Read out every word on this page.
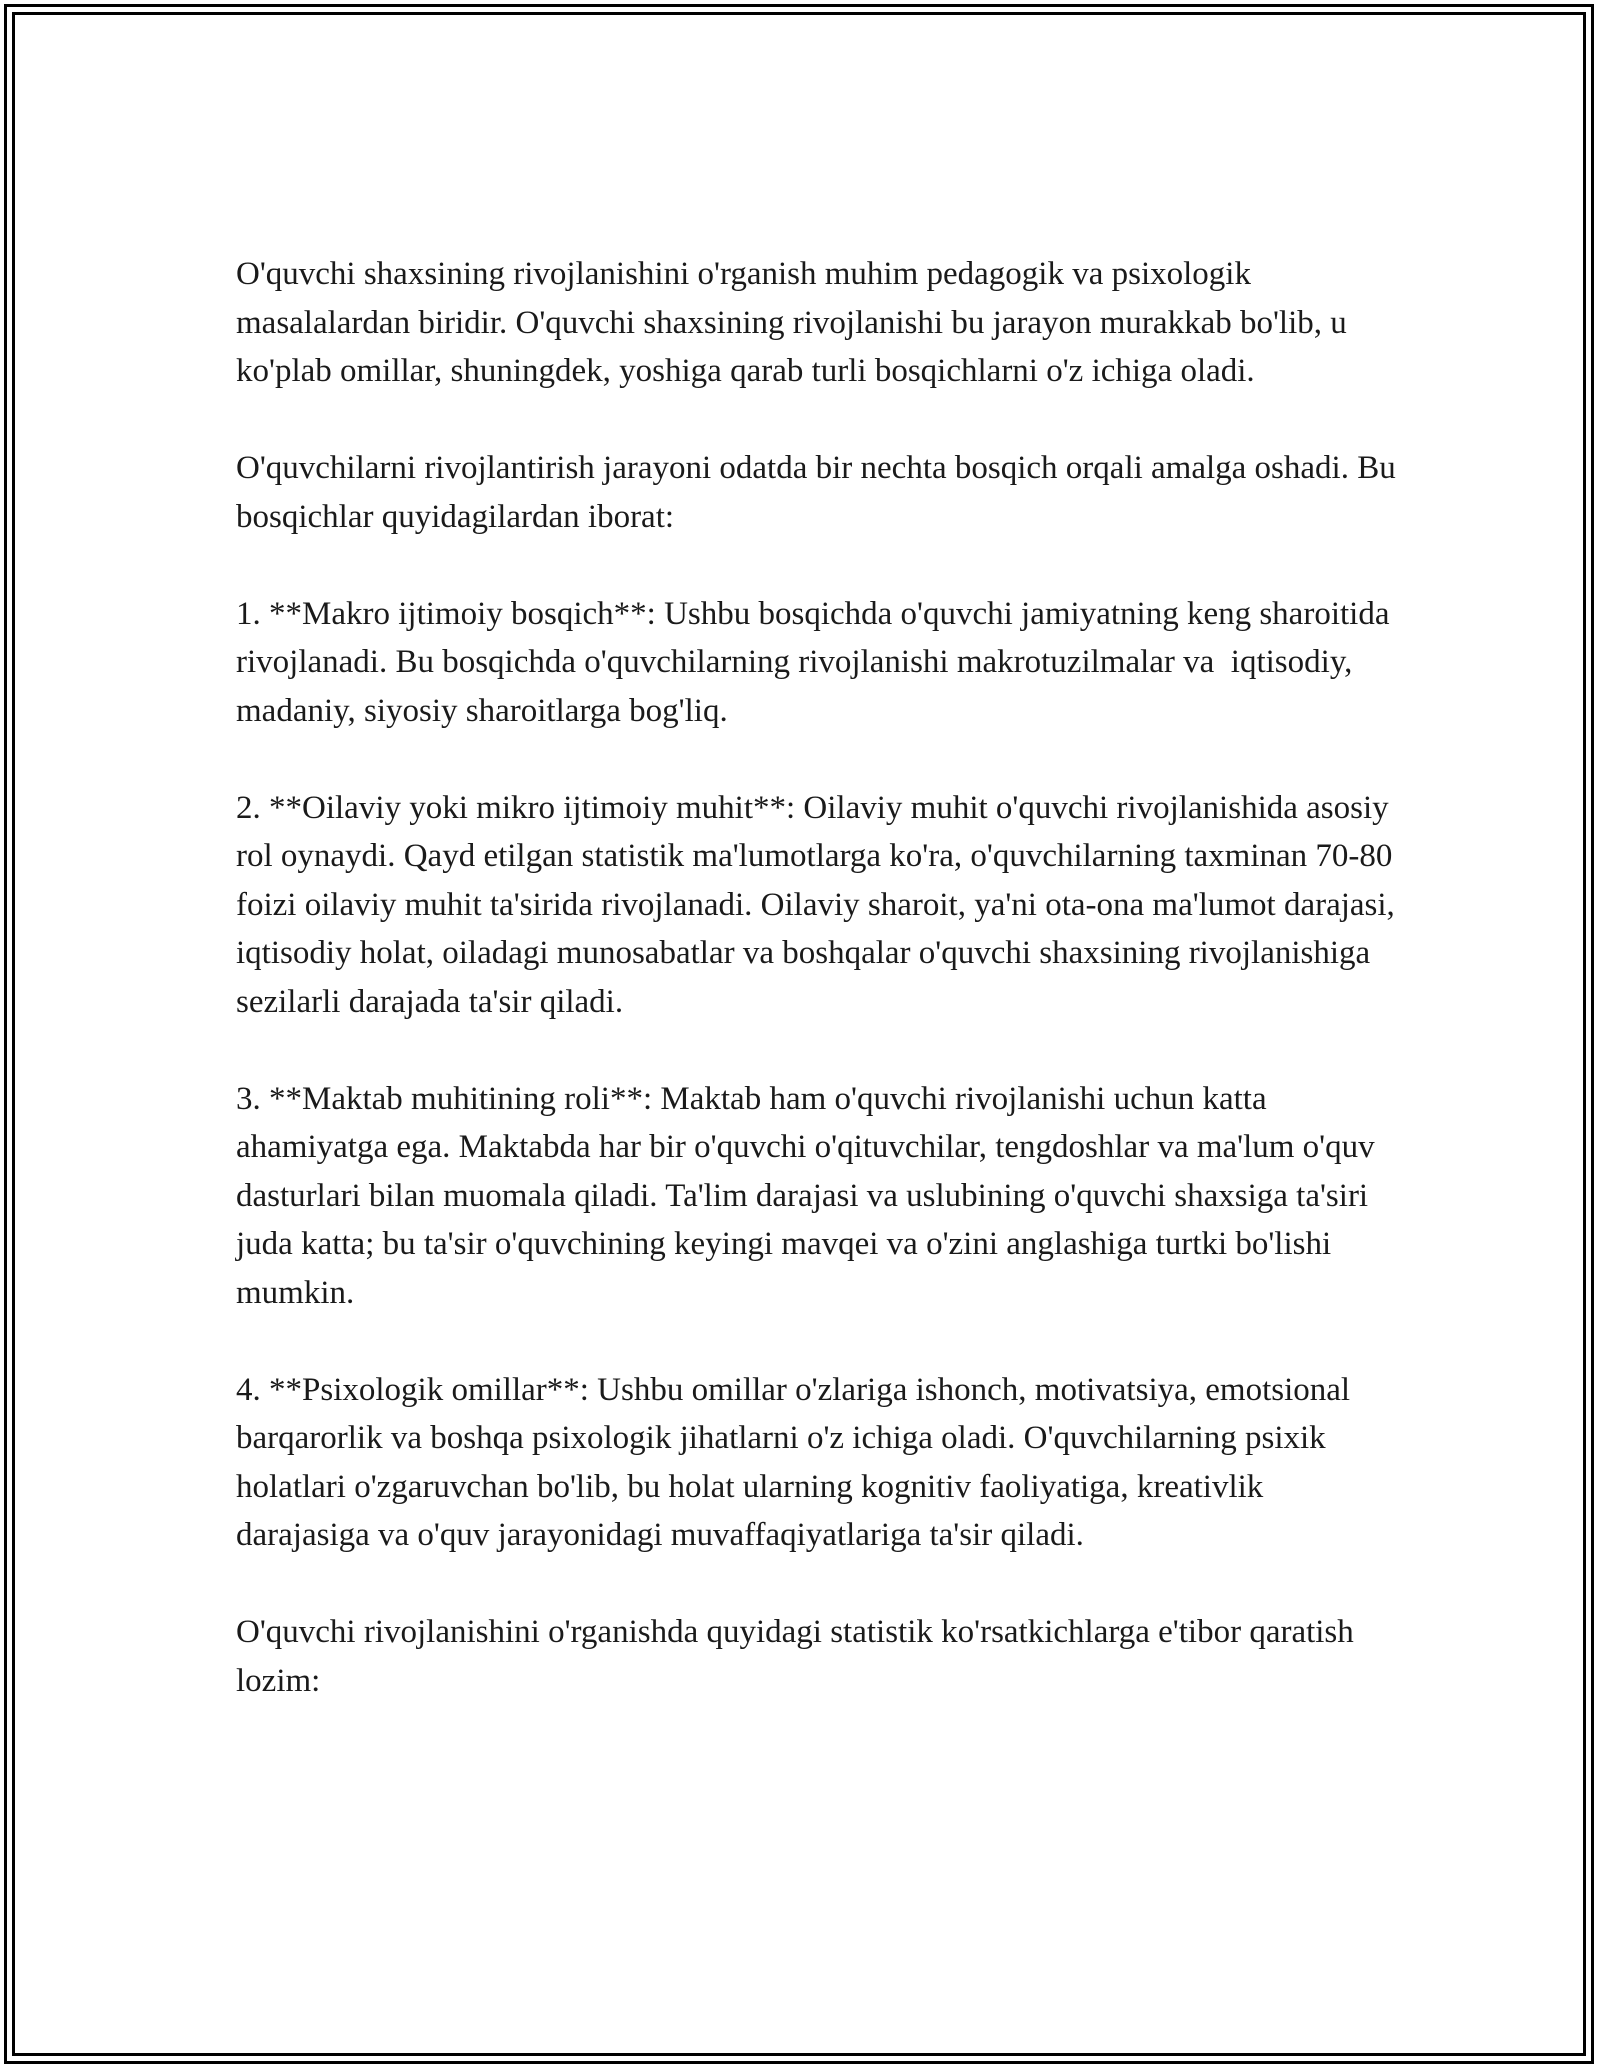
O'quvchi shaxsining rivojlanishini o'rganish muhim pedagogik va psixologik masalalardan biridir. O'quvchi shaxsining rivojlanishi bu jarayon murakkab bo'lib, u ko'plab omillar, shuningdek, yoshiga qarab turli bosqichlarni o'z ichiga oladi.

O'quvchilarni rivojlantirish jarayoni odatda bir nechta bosqich orqali amalga oshadi. Bu bosqichlar quyidagilardan iborat:

1. **Makro ijtimoiy bosqich**: Ushbu bosqichda o'quvchi jamiyatning keng sharoitida rivojlanadi. Bu bosqichda o'quvchilarning rivojlanishi makrotuzilmalar va  iqtisodiy, madaniy, siyosiy sharoitlarga bog'liq.

2. **Oilaviy yoki mikro ijtimoiy muhit**: Oilaviy muhit o'quvchi rivojlanishida asosiy rol oynaydi. Qayd etilgan statistik ma'lumotlarga ko'ra, o'quvchilarning taxminan 70-80 foizi oilaviy muhit ta'sirida rivojlanadi. Oilaviy sharoit, ya'ni ota-ona ma'lumot darajasi, iqtisodiy holat, oiladagi munosabatlar va boshqalar o'quvchi shaxsining rivojlanishiga sezilarli darajada ta'sir qiladi.

3. **Maktab muhitining roli**: Maktab ham o'quvchi rivojlanishi uchun katta ahamiyatga ega. Maktabda har bir o'quvchi o'qituvchilar, tengdoshlar va ma'lum o'quv dasturlari bilan muomala qiladi. Ta'lim darajasi va uslubining o'quvchi shaxsiga ta'siri juda katta; bu ta'sir o'quvchining keyingi mavqei va o'zini anglashiga turtki bo'lishi mumkin.

4. **Psixologik omillar**: Ushbu omillar o'zlariga ishonch, motivatsiya, emotsional barqarorlik va boshqa psixologik jihatlarni o'z ichiga oladi. O'quvchilarning psixik holatlari o'zgaruvchan bo'lib, bu holat ularning kognitiv faoliyatiga, kreativlik darajasiga va o'quv jarayonidagi muvaffaqiyatlariga ta'sir qiladi.

O'quvchi rivojlanishini o'rganishda quyidagi statistik ko'rsatkichlarga e'tibor qaratish lozim:
